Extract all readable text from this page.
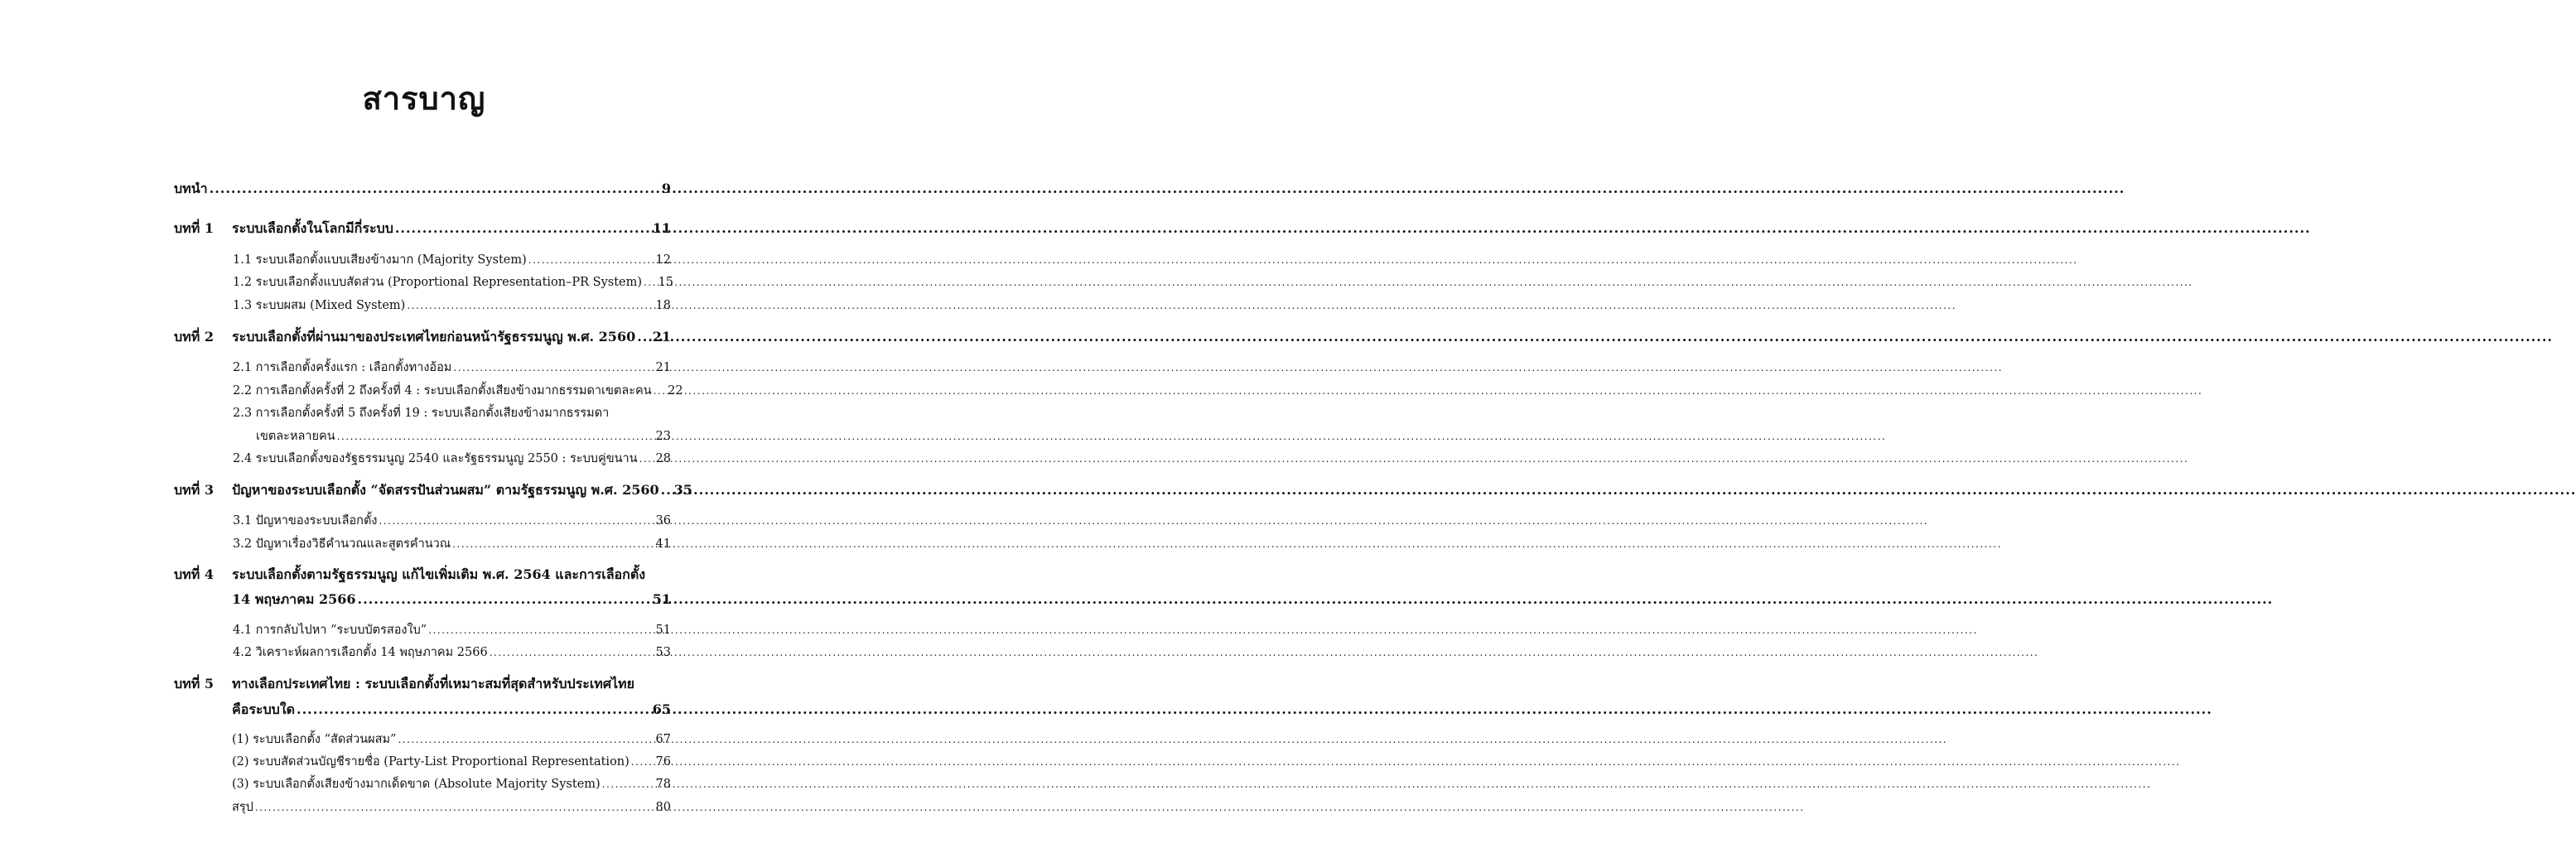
สารบาญ
บทนำ .....	9
บทที่ 1 ระบบเลือกตั้งในโลกมีกี่ระบบ .....	11
1.1 ระบบเลือกตั้งแบบเสียงข้างมาก (Majority System) .....	12
1.2 ระบบเลือกตั้งแบบสัดส่วน (Proportional Representation–PR System) ..... 15
1.3 ระบบผสม (Mixed System) .....	18
บทที่ 2 ระบบเลือกตั้งที่ผ่านมาของประเทศไทยก่อนหน้ารัฐธรรมนูญ พ.ศ. 2560 ..... 21
2.1 การเลือกตั้งครั้งแรก : เลือกตั้งทางอ้อม .....	21
2.2 การเลือกตั้งครั้งที่ 2 ถึงครั้งที่ 4 : ระบบเลือกตั้งเสียงข้างมากธรรมดาเขตละคน ..... 22
2.3 การเลือกตั้งครั้งที่ 5 ถึงครั้งที่ 19 : ระบบเลือกตั้งเสียงข้างมากธรรมดา
เขตละหลายคน .....	23
2.4 ระบบเลือกตั้งของรัฐธรรมนูญ 2540 และรัฐธรรมนูญ 2550 : ระบบคู่ขนาน ..... 28
บทที่ 3 ปัญหาของระบบเลือกตั้ง “จัดสรรปันส่วนผสม” ตามรัฐธรรมนูญ พ.ศ. 2560 ..... 35
3.1 ปัญหาของระบบเลือกตั้ง .....	36
3.2 ปัญหาเรื่องวิธีคำนวณและสูตรคำนวณ .....	41
บทที่ 4 ระบบเลือกตั้งตามรัฐธรรมนูญ แก้ไขเพิ่มเติม พ.ศ. 2564 และการเลือกตั้ง
14 พฤษภาคม 2566 .....	51
4.1 การกลับไปหา “ระบบบัตรสองใบ” .....	51
4.2 วิเคราะห์ผลการเลือกตั้ง 14 พฤษภาคม 2566 .....	53
บทที่ 5 ทางเลือกประเทศไทย : ระบบเลือกตั้งที่เหมาะสมที่สุดสำหรับประเทศไทย
คือระบบใด .....	65
(1) ระบบเลือกตั้ง “สัดส่วนผสม” .....	67
(2) ระบบสัดส่วนบัญชีรายชื่อ (Party-List Proportional Representation) ..... 76
(3) ระบบเลือกตั้งเสียงข้างมากเด็ดขาด (Absolute Majority System) .....	78
สรุป .....	80
